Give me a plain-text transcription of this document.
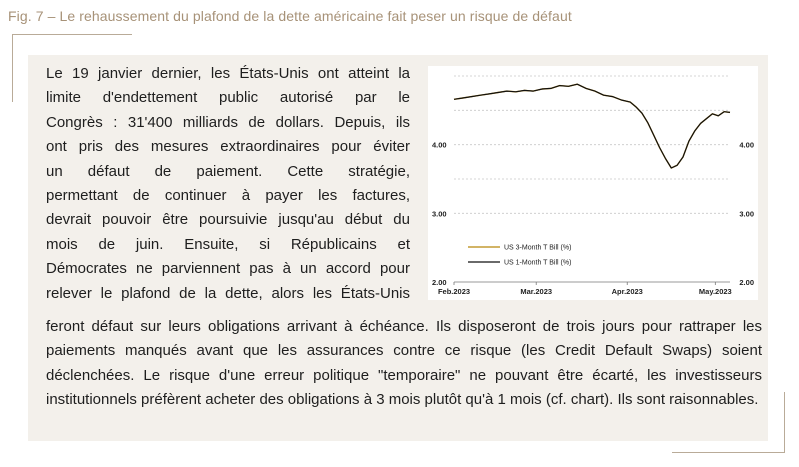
Fig. 7 – Le rehaussement du plafond de la dette américaine fait peser un risque de défaut
Le 19 janvier dernier, les États-Unis ont atteint la
limite d'endettement public autorisé par le
Congrès : 31'400 milliards de dollars. Depuis, ils
ont pris des mesures extraordinaires pour éviter
un défaut de paiement. Cette stratégie,
permettant de continuer à payer les factures,
devrait pouvoir être poursuivie jusqu'au début du
mois de juin. Ensuite, si Républicains et
Démocrates ne parviennent pas à un accord pour
relever le plafond de la dette, alors les États-Unis
feront défaut sur leurs obligations arrivant à échéance. Ils disposeront de trois jours pour rattraper les paiements manqués avant que les assurances contre ce risque (les Credit Default Swaps) soient déclenchées. Le risque d'une erreur politique "temporaire" ne pouvant être écarté, les investisseurs institutionnels préfèrent acheter des obligations à 3 mois plutôt qu'à 1 mois (cf. chart). Ils sont raisonnables.
Feb.2023	Mar.2023	Apr.2023	May.2023
4.00
3.00
2.00
4.00
3.00
2.00
US 3-Month T Bill (%)
US 1-Month T Bill (%)
